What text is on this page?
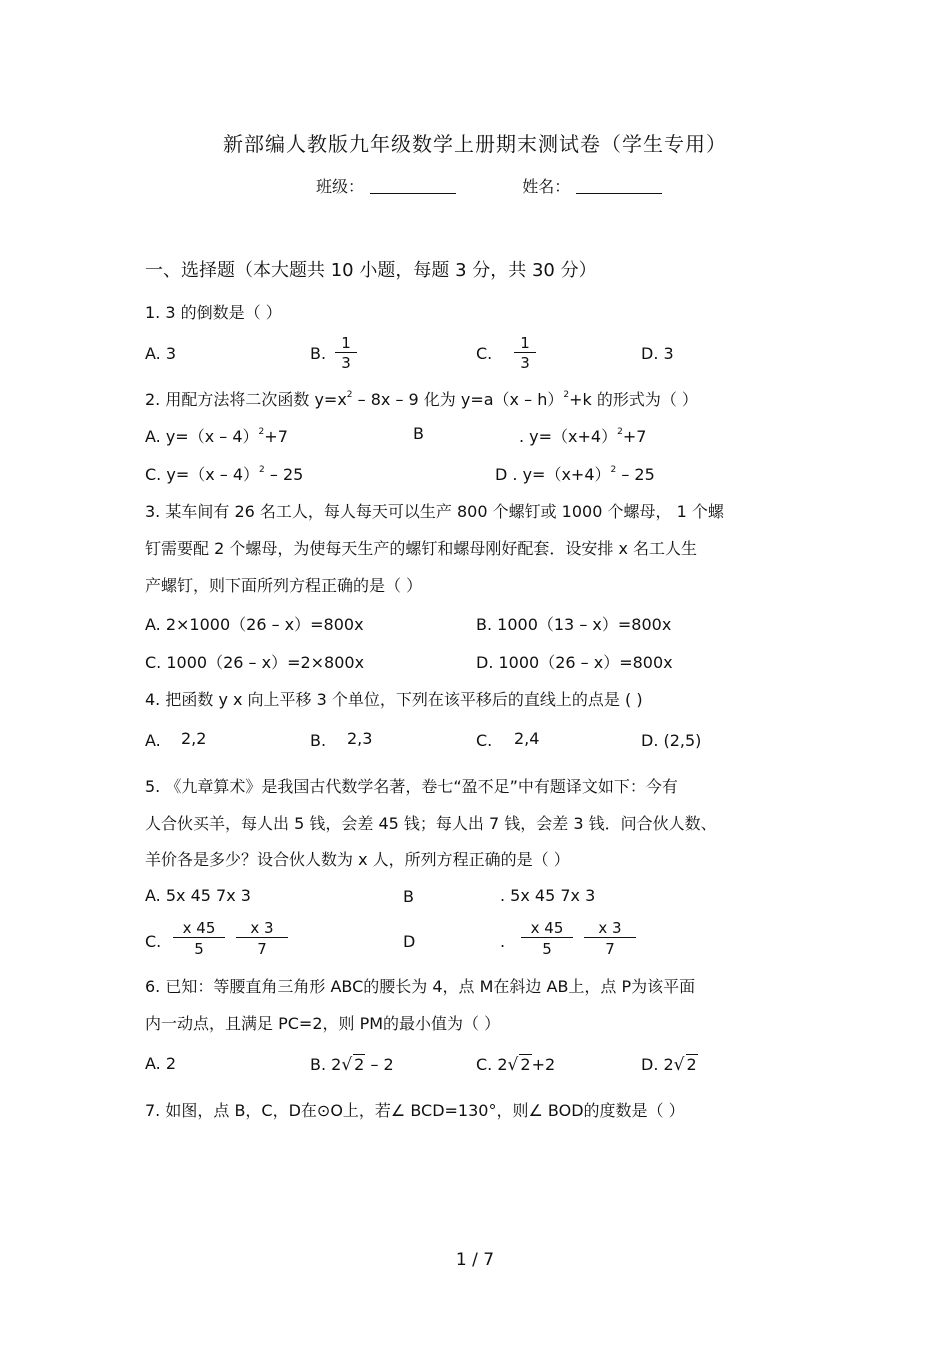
新部编人教版九年级数学上册期末测试卷（学生专用）
班级：	姓名：
一、选择题（本大题共 10 小题，每题 3 分，共 30 分）
1. 3 的倒数是（ ）
A. 3	B. $\frac{1}{3}$	C. $\frac{1}{3}$	D. 3
2. 用配方法将二次函数 $y=x^2 - 8x - 9$ 化为 y=a（x – h）$^2$+k 的形式为（ ）
A. y=（x – 4）$^2$+7	B	. $y=(x+4)^2+7$
C. y=（x – 4）$^2$ – 25	D . $y=(x+4)^2 - 25$
3. 某车间有 26 名工人，每人每天可以生产 800 个螺钉或 1000 个螺母， 1 个螺
钉需要配 2 个螺母，为使每天生产的螺钉和螺母刚好配套．设安排 x 名工人生
产螺钉，则下面所列方程正确的是（ ）
A. 2×1000（26 – x）=800x	B. 1000（13 – x）=800x
C. 1000（26 – x）=2×800x	D. 1000（26 – x）=800x
4. 把函数 y x 向上平移 3 个单位，下列在该平移后的直线上的点是 ( )
A. 2,2	B. 2,3	C. 2,4	D. (2,5)
5. 《九章算术》是我国古代数学名著，卷七“盈不足”中有题译文如下：今有
人合伙买羊，每人出 5 钱，会差 45 钱；每人出 7 钱，会差 3 钱．问合伙人数、
羊价各是多少？设合伙人数为 x 人，所列方程正确的是（ ）
A. 5x 45 7x 3	B	. 5x 45 7x 3
C. $\frac{x 45}{5} \frac{x 3}{7}$	D	. $\frac{x 45}{5} \frac{x 3}{7}$
6. 已知：等腰直角三角形 ABC的腰长为 4，点 M在斜边 AB上，点 P为该平面
内一动点，且满足 PC=2，则 PM的最小值为（ ）
A. 2	B. 2√ 2 – 2	C. 2√ 2+2	D. 2√ 2
7. 如图，点 B，C，D在⊙O上，若∠ BCD=130°，则∠ BOD的度数是（ ）
1 / 7
